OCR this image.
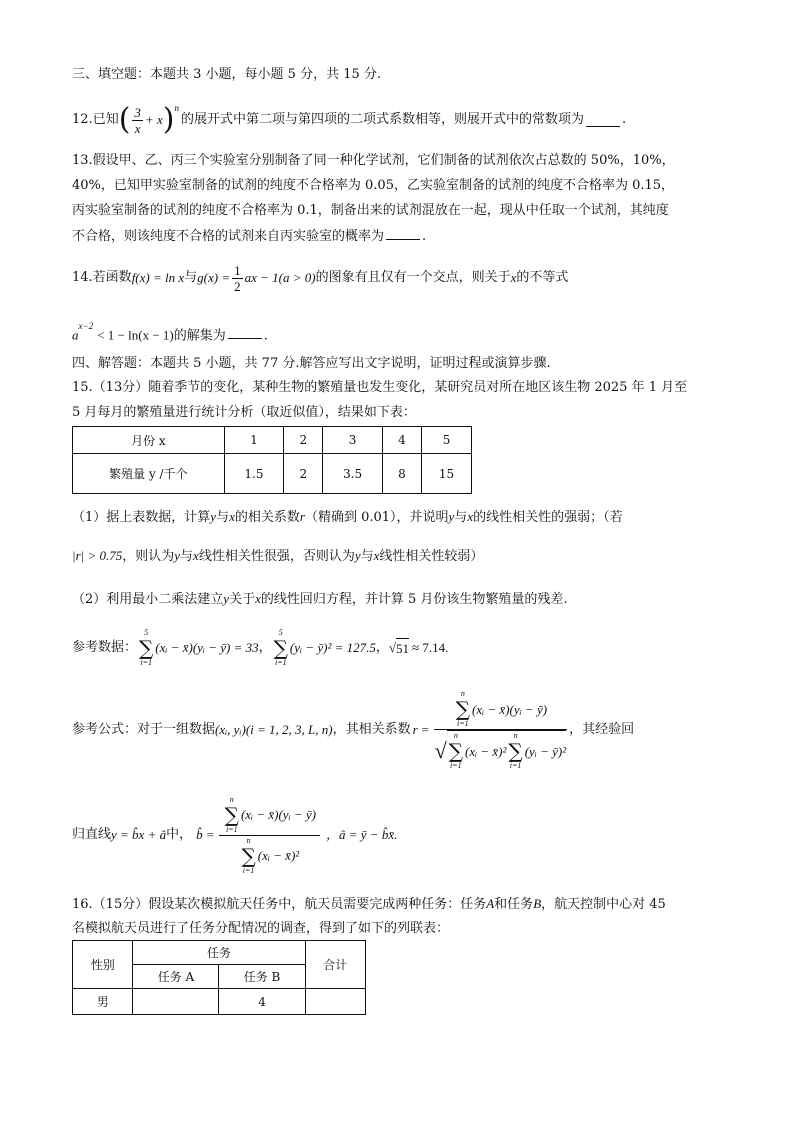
三、填空题：本题共 3 小题，每小题 5 分，共 15 分.
12. 已知 ( $\frac{3}{x} + x$ )$^n$
的展开式中第二项与第四项的二项式系数相等，则展开式中的常数项为	.
13.假设甲、乙、丙三个实验室分别制备了同一种化学试剂，它们制备的试剂依次占总数的 50%，10%，
40%，已知甲实验室制备的试剂的纯度不合格率为 0.05，乙实验室制备的试剂的纯度不合格率为 0.15，
丙实验室制备的试剂的纯度不合格率为 0.1，制备出来的试剂混放在一起，现从中任取一个试剂，其纯度
不合格，则该纯度不合格的试剂来自丙实验室的概率为	.
14.若函数 f(x) = ln x 与 $g(x) = \frac{1}{2}$ ax − 1(a > 0) 的图象有且仅有一个交点，则关于 x 的不等式
$a^{x-2} < 1 - \ln(x - 1)$的解集为	.
四、解答题：本题共 5 小题，共 77 分.解答应写出文字说明，证明过程或演算步骤.
15.（13分）随着季节的变化，某种生物的繁殖量也发生变化，某研究员对所在地区该生物 2025 年 1 月至
5 月每月的繁殖量进行统计分析（取近似值），结果如下表：
月份 x	1	2	3	4	5
繁殖量 y /千个	1.5	2	3.5	8	15
（1）据上表数据，计算y与x的相关系数r（精确到 0.01），并说明y与x的线性相关性的强弱；（若
|r| > 0.75，则认为y与x线性相关性很强，否则认为y与x线性相关性较弱）
（2）利用最小二乘法建立y关于x的线性回归方程，并计算 5 月份该生物繁殖量的残差.
参考数据：
5
∑
i=1
(xᵢ − x̄)(yᵢ − ȳ) = 33 ，
5
∑
i=1
(yᵢ − ȳ)² = 127.5 ， √ 51 ≈ 7.14.
参考公式：对于一组数据 (xᵢ, yᵢ)(i = 1, 2, 3, L, n) ，其相关系数 r =
n
∑
i=1
(xᵢ − x̄)(yᵢ − ȳ)
√
n
∑
i=1
(xᵢ − x̄)²
n
∑
i=1
(yᵢ − ȳ)²
，其经验回
归直线 y = b̂x + â 中， b̂ = n
∑
i=1
(xᵢ − x̄)(yᵢ − ȳ)
n
∑
i=1
(xᵢ − x̄)² ，â = ȳ − b̂x̄.
16.（15分）假设某次模拟航天任务中，航天员需要完成两种任务：任务A和任务B，航天控制中心对 45
名模拟航天员进行了任务分配情况的调查，得到了如下的列联表：
性别	任务		合计
	任务 A	任务 B	
男		4	
